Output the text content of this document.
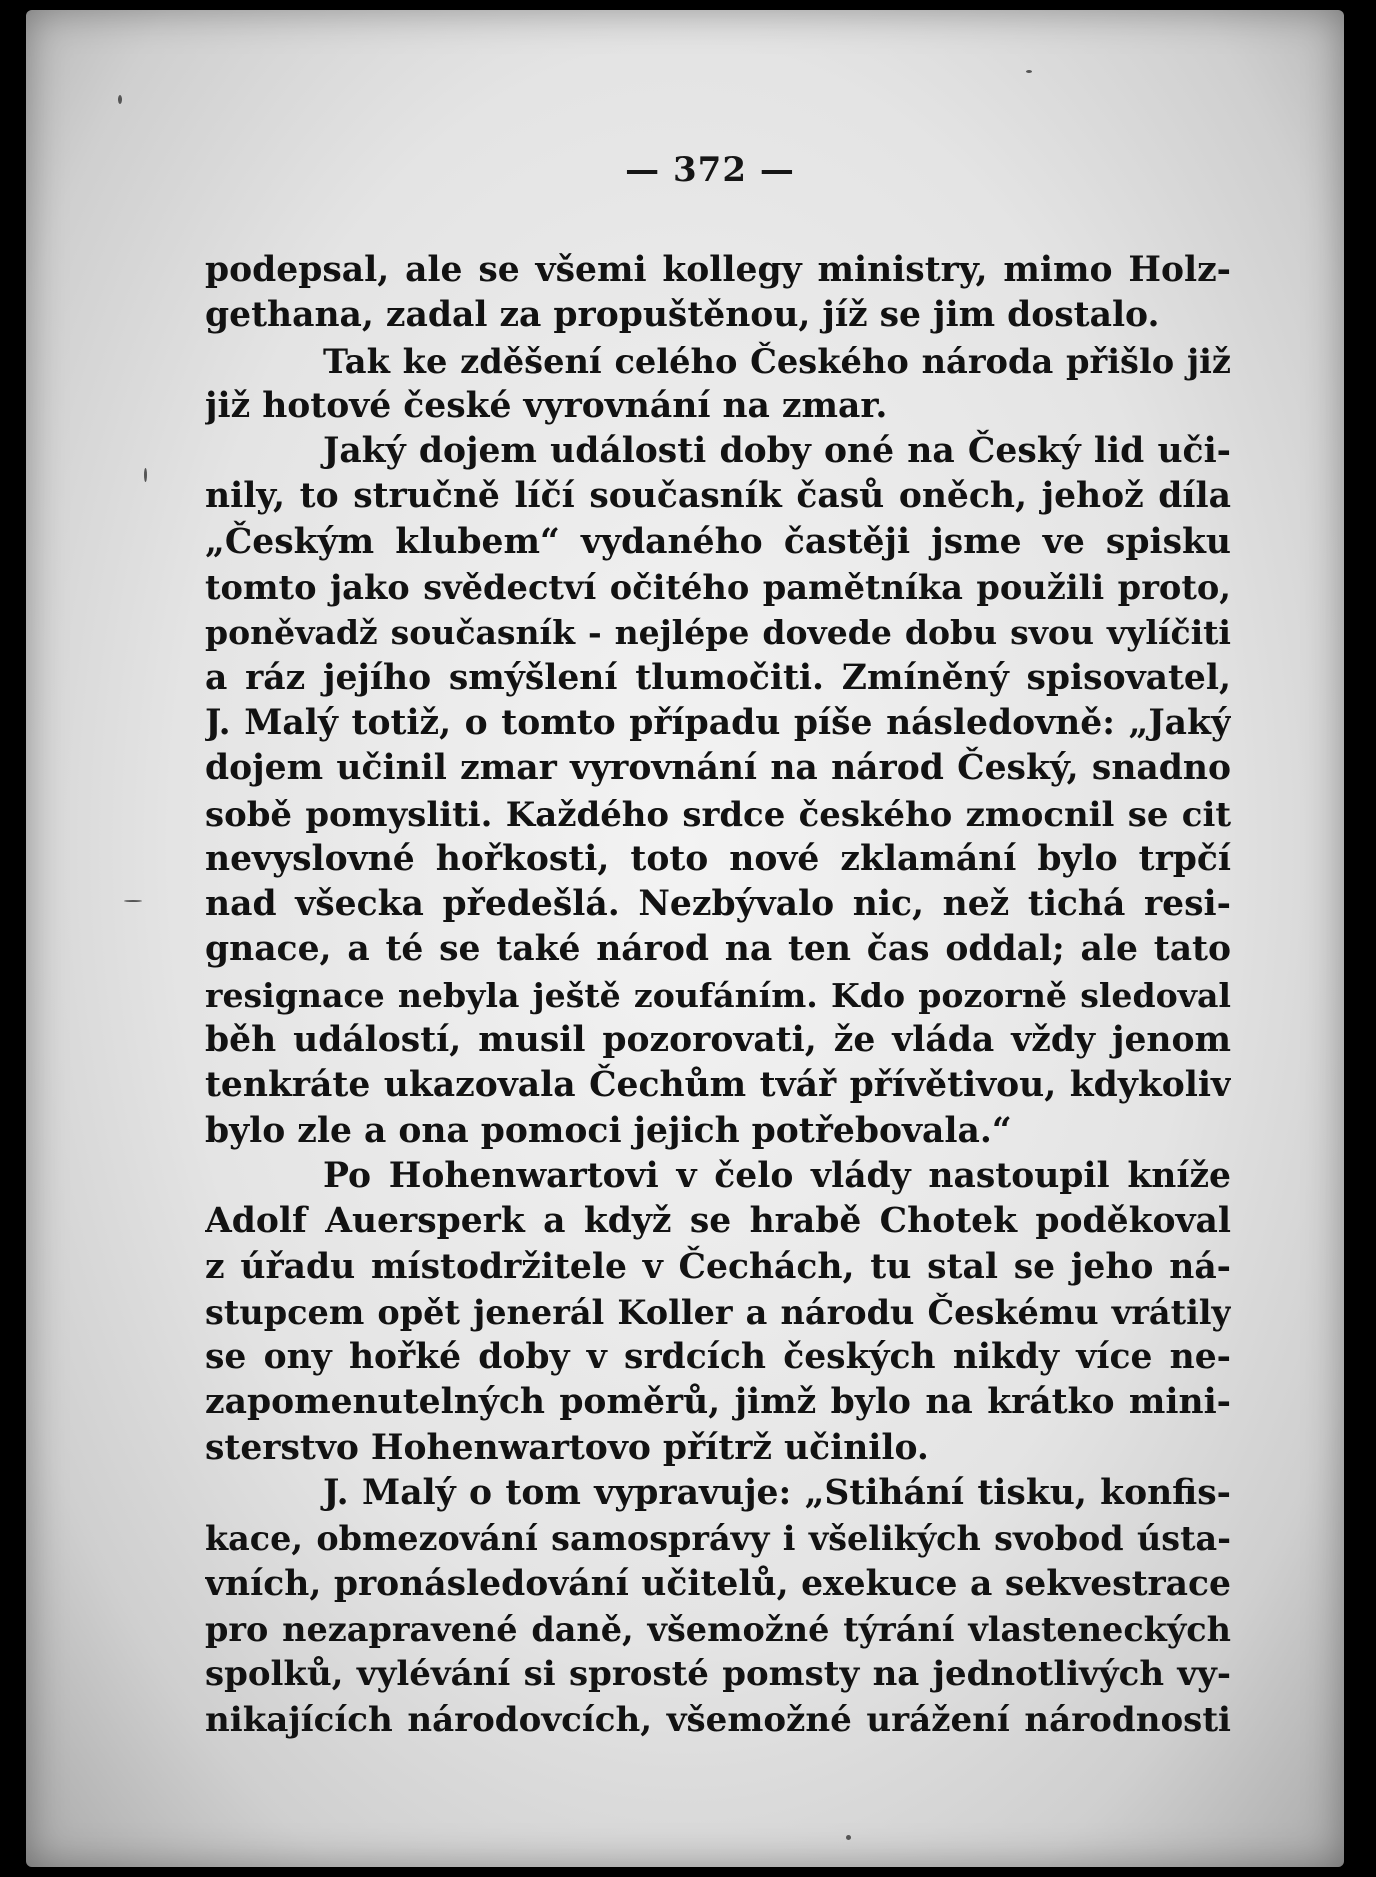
— 372 —
podepsal, ale se všemi kollegy ministry, mimo Holz-
gethana, zadal za propuštěnou, jíž se jim dostalo.
Tak ke zděšení celého Českého národa přišlo již
již hotové české vyrovnání na zmar.
Jaký dojem události doby oné na Český lid uči-
nily, to stručně líčí současník časů oněch, jehož díla
„Českým klubem“ vydaného častěji jsme ve spisku
tomto jako svědectví očitého pamětníka použili proto,
poněvadž současník - nejlépe dovede dobu svou vylíčiti
a ráz jejího smýšlení tlumočiti. Zmíněný spisovatel,
J. Malý totiž, o tomto případu píše následovně: „Jaký
dojem učinil zmar vyrovnání na národ Český, snadno
sobě pomysliti. Každého srdce českého zmocnil se cit
nevyslovné hořkosti, toto nové zklamání bylo trpčí
nad všecka předešlá. Nezbývalo nic, než tichá resi-
gnace, a té se také národ na ten čas oddal; ale tato
resignace nebyla ještě zoufáním. Kdo pozorně sledoval
běh událostí, musil pozorovati, že vláda vždy jenom
tenkráte ukazovala Čechům tvář přívětivou, kdykoliv
bylo zle a ona pomoci jejich potřebovala.“
Po Hohenwartovi v čelo vlády nastoupil kníže
Adolf Auersperk a když se hrabě Chotek poděkoval
z úřadu místodržitele v Čechách, tu stal se jeho ná-
stupcem opět jenerál Koller a národu Českému vrátily
se ony hořké doby v srdcích českých nikdy více ne-
zapomenutelných poměrů, jimž bylo na krátko mini-
sterstvo Hohenwartovo přítrž učinilo.
J. Malý o tom vypravuje: „Stihání tisku, konfis-
kace, obmezování samosprávy i všelikých svobod ústa-
vních, pronásledování učitelů, exekuce a sekvestrace
pro nezapravené daně, všemožné týrání vlasteneckých
spolků, vylévání si sprosté pomsty na jednotlivých vy-
nikajících národovcích, všemožné urážení národnosti
